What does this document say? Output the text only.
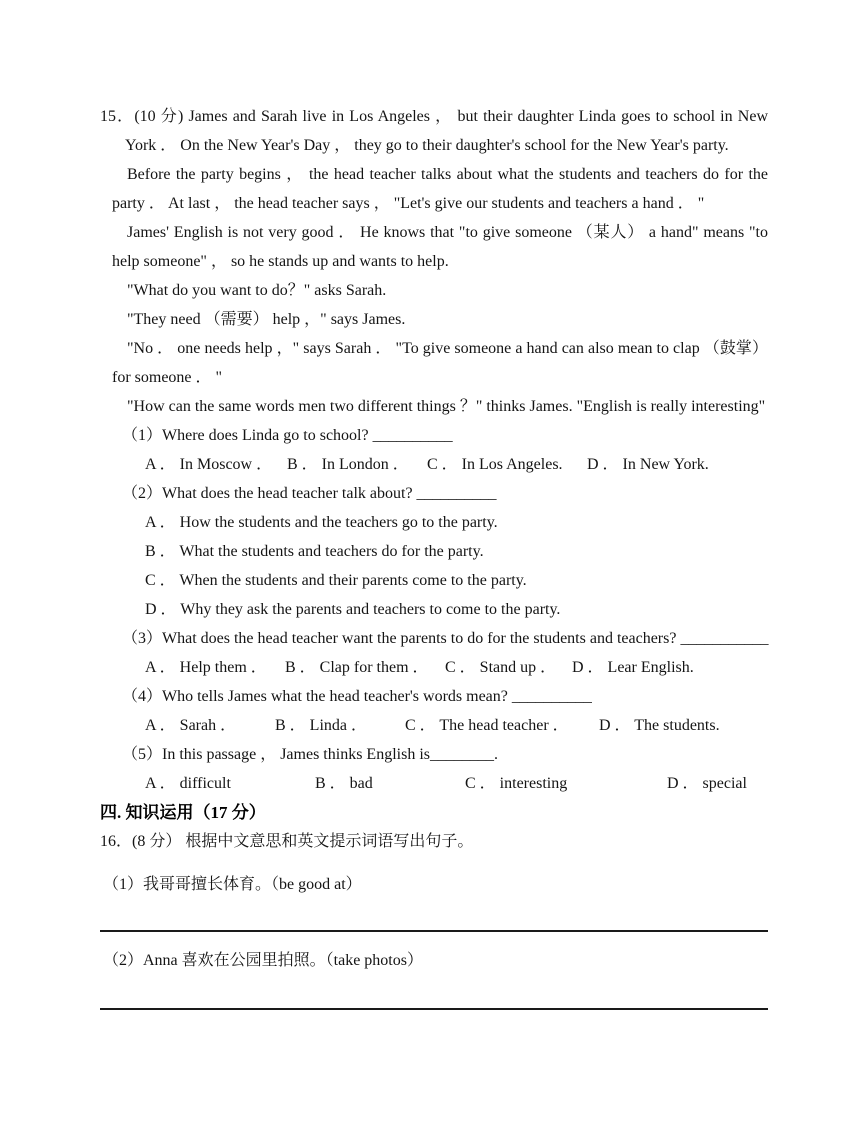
15．(10 分) James and Sarah live in Los Angeles ， but their daughter Linda goes to school in New York ． On the New Year's Day ， they go to their daughter's school for the New Year's party.

Before the party begins ， the head teacher talks about what the students and teachers do for the party ． At last ， the head teacher says ， "Let's give our students and teachers a hand ． "

James' English is not very good ． He knows that "to give someone （某人） a hand" means "to help someone" ， so he stands up and wants to help.

"What do you want to do？" asks Sarah.

"They need （需要） help ，" says James.

"No ． one needs help ，" says Sarah ． "To give someone a hand can also mean to clap （鼓掌） for someone ． "

"How can the same words men two different things ？" thinks James. "English is really interesting"

（1）Where does Linda go to school? __________
A ． In Moscow ． B ． In London ．	C ． In Los Angeles.	D ． In New York.
（2）What does the head teacher talk about? __________
A ． How the students and the teachers go to the party.
B ． What the students and teachers do for the party.
C ． When the students and their parents come to the party.
D ． Why they ask the parents and teachers to come to the party.
（3）What does the head teacher want the parents to do for the students and teachers? ___________
A ． Help them ．	B ． Clap for them ．	C ． Stand up ． D ． Lear English.
（4）Who tells James what the head teacher's words mean? __________
A ． Sarah ．	B ． Linda ．	C ． The head teacher ．	D ． The students.
（5）In this passage ， James thinks English is________.
A ． difficult	B ． bad	C ． interesting	D ． special
四. 知识运用（17 分）
16．(8 分） 根据中文意思和英文提示词语写出句子。
（1）我哥哥擅长体育。（be good at）
（2）Anna 喜欢在公园里拍照。（take photos）
